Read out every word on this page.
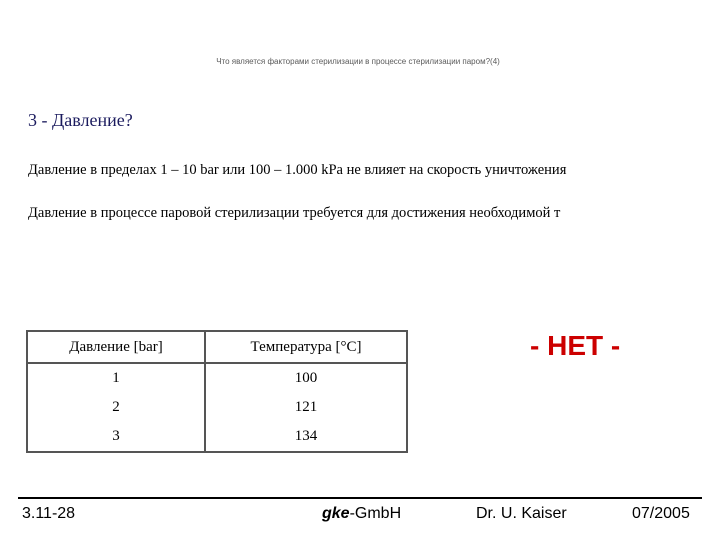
Что является факторами стерилизации в процессе стерилизации паром?(4)
3 - Давление?
Давление в пределах 1 – 10 bar или 100 – 1.000 kPa не влияет на скорость уничтожения
Давление в процессе паровой стерилизации требуется для достижения необходимой т
Давление [bar]	Температура [°C]
1	100
2	121
3	134
- НЕТ -
3.11-28	gke-GmbH	Dr. U. Kaiser	07/2005
